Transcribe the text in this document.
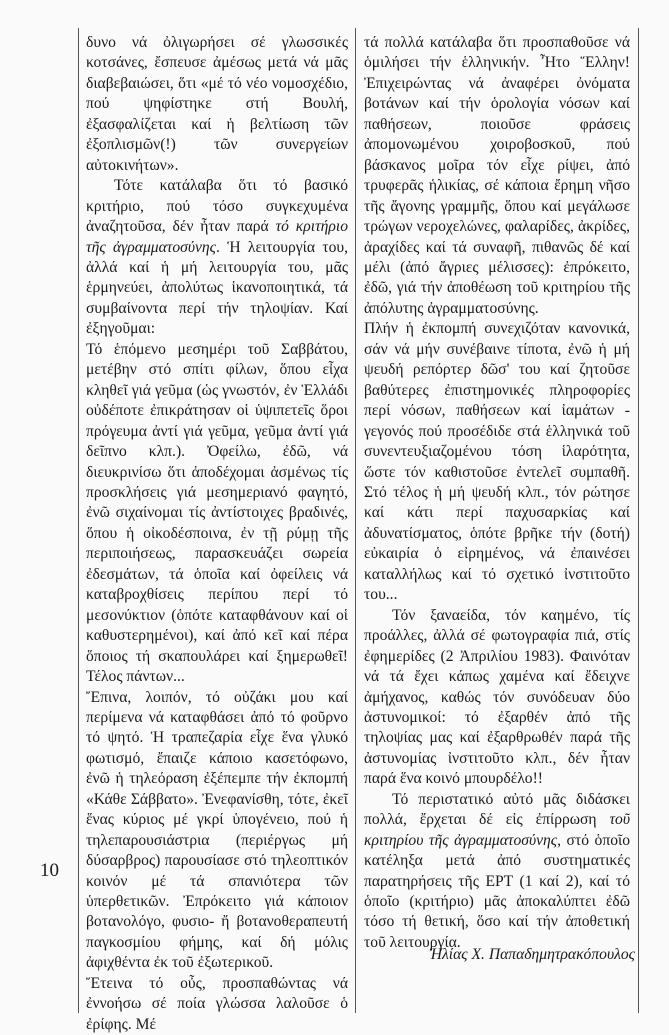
10

δυνο νά ὀλιγωρήσει σέ γλωσσικές κοτσάνες, ἔσπευσε ἀμέσως μετά νά μᾶς διαβεβαιώσει, ὅτι «μέ τό νέο νομοσχέδιο, πού ψηφίστηκε στή Βουλή, ἐξασφαλίζεται καί ἡ βελτίωση τῶν ἐξοπλισμῶν(!) τῶν συνεργείων αὐτοκινήτων».

Τότε κατάλαβα ὅτι τό βασικό κριτήριο, πού τόσο συγκεχυμένα ἀναζητοῦσα, δέν ἦταν παρά τό κριτήριο τῆς ἀγραμματοσύνης. Ἡ λειτουργία του, ἀλλά καί ἡ μή λειτουργία του, μᾶς ἑρμηνεύει, ἀπολύτως ἱκανοποιητικά, τά συμβαίνοντα περί τήν τηλοψίαν. Καί ἐξηγοῦμαι:

Τό ἑπόμενο μεσημέρι τοῦ Σαββάτου, μετέβην στό σπίτι φίλων, ὅπου εἶχα κληθεῖ γιά γεῦμα (ὡς γνωστόν, ἐν Ἑλλάδι οὐδέποτε ἐπικράτησαν οἱ ὑψιπετεῖς ὅροι πρόγευμα ἀντί γιά γεῦμα, γεῦμα ἀντί γιά δεῖπνο κλπ.). Ὀφείλω, ἐδῶ, νά διευκρινίσω ὅτι ἀποδέχομαι ἀσμένως τίς προσκλήσεις γιά μεσημεριανό φαγητό, ἐνῶ σιχαίνομαι τίς ἀντίστοιχες βραδινές, ὅπου ἡ οἰκοδέσποινα, ἐν τῇ ρύμῃ τῆς περιποιήσεως, παρασκευάζει σωρεία ἐδεσμάτων, τά ὁποῖα καί ὀφείλεις νά καταβροχθίσεις περίπου περί τό μεσονύκτιον (ὁπότε καταφθάνουν καί οἱ καθυστερημένοι), καί ἀπό κεῖ καί πέρα ὅποιος τή σκαπουλάρει καί ξημερωθεῖ! Τέλος πάντων...

Ἔπινα, λοιπόν, τό οὐζάκι μου καί περίμενα νά καταφθάσει ἀπό τό φοῦρνο τό ψητό. Ἡ τραπεζαρία εἶχε ἕνα γλυκό φωτισμό, ἔπαιζε κάποιο κασετόφωνο, ἐνῶ ἡ τηλεόραση ἐξέπεμπε τήν ἐκπομπή «Κάθε Σάββατο». Ἐνεφανίσθη, τότε, ἐκεῖ ἕνας κύριος μέ γκρί ὑπογένειο, πού ἡ τηλεπαρουσιάστρια (περιέργως μή δύσαρβρος) παρουσίασε στό τηλεοπτικόν κοινόν μέ τά σπανιότερα τῶν ὑπερθετικῶν. Ἐπρόκειτο γιά κάποιον βοτανολόγο, φυσιο- ἤ βοτανοθεραπευτή παγκοσμίου φήμης, καί δή μόλις ἀφιχθέντα ἐκ τοῦ ἐξωτερικοῦ.

Ἔτεινα τό οὖς, προσπαθώντας νά ἐννοήσω σέ ποία γλώσσα λαλοῦσε ὁ ἐρίφης. Μέ

τά πολλά κατάλαβα ὅτι προσπαθοῦσε νά ὁμιλήσει τήν ἑλληνικήν. Ἦτο Ἕλλην! Ἐπιχειρώντας νά ἀναφέρει ὀνόματα βοτάνων καί τήν ὁρολογία νόσων καί παθήσεων, ποιοῦσε φράσεις ἀπομονωμένου χοιροβοσκοῦ, πού βάσκανος μοῖρα τόν εἶχε ρίψει, ἀπό τρυφερᾶς ἡλικίας, σέ κάποια ἔρημη νῆσο τῆς ἄγονης γραμμῆς, ὅπου καί μεγάλωσε τρώγων νεροχελώνες, φαλαρίδες, ἀκρίδες, ἀραχίδες καί τά συναφῆ, πιθανῶς δέ καί μέλι (ἀπό ἄγριες μέλισσες): ἐπρόκειτο, ἐδῶ, γιά τήν ἀποθέωση τοῦ κριτηρίου τῆς ἀπόλυτης ἀγραμματοσύνης.

Πλήν ἡ ἐκπομπή συνεχιζόταν κανονικά, σάν νά μήν συνέβαινε τίποτα, ἐνῶ ἡ μή ψευδή ρεπόρτερ δῶσ' του καί ζητοῦσε βαθύτερες ἐπιστημονικές πληροφορίες περί νόσων, παθήσεων καί ἰαμάτων - γεγονός πού προσέδιδε στά ἑλληνικά τοῦ συνεντευξιαζομένου τόση ἱλαρότητα, ὥστε τόν καθιστοῦσε ἐντελεῖ συμπαθῆ. Στό τέλος ἡ μή ψευδή κλπ., τόν ρώτησε καί κάτι περί παχυσαρκίας καί ἀδυνατίσματος, ὁπότε βρῆκε τήν (δοτή) εὐκαιρία ὁ εἰρημένος, νά ἐπαινέσει καταλλήλως καί τό σχετικό ἰνστιτοῦτο του...

Τόν ξαναείδα, τόν καημένο, τίς προάλλες, ἀλλά σέ φωτογραφία πιά, στίς ἐφημερίδες (2 Ἀπριλίου 1983). Φαινόταν νά τά ἔχει κάπως χαμένα καί ἔδειχνε ἀμήχανος, καθώς τόν συνόδευαν δύο ἀστυνομικοί: τό ἐξαρθέν ἀπό τῆς τηλοψίας μας καί ἐξαρθρωθέν παρά τῆς ἀστυνομίας ἰνστιτοῦτο κλπ., δέν ἦταν παρά ἕνα κοινό μπουρδέλο!!

Τό περιστατικό αὐτό μᾶς διδάσκει πολλά, ἔρχεται δέ εἰς ἐπίρρωση τοῦ κριτηρίου τῆς ἀγραμματοσύνης, στό ὁποῖο κατέληξα μετά ἀπό συστηματικές παρατηρήσεις τῆς ΕΡΤ (1 καί 2), καί τό ὁποῖο (κριτήριο) μᾶς ἀποκαλύπτει ἐδῶ τόσο τή θετική, ὅσο καί τήν ἀποθετική τοῦ λειτουργία.

Ἠλίας Χ. Παπαδημητρακόπουλος
